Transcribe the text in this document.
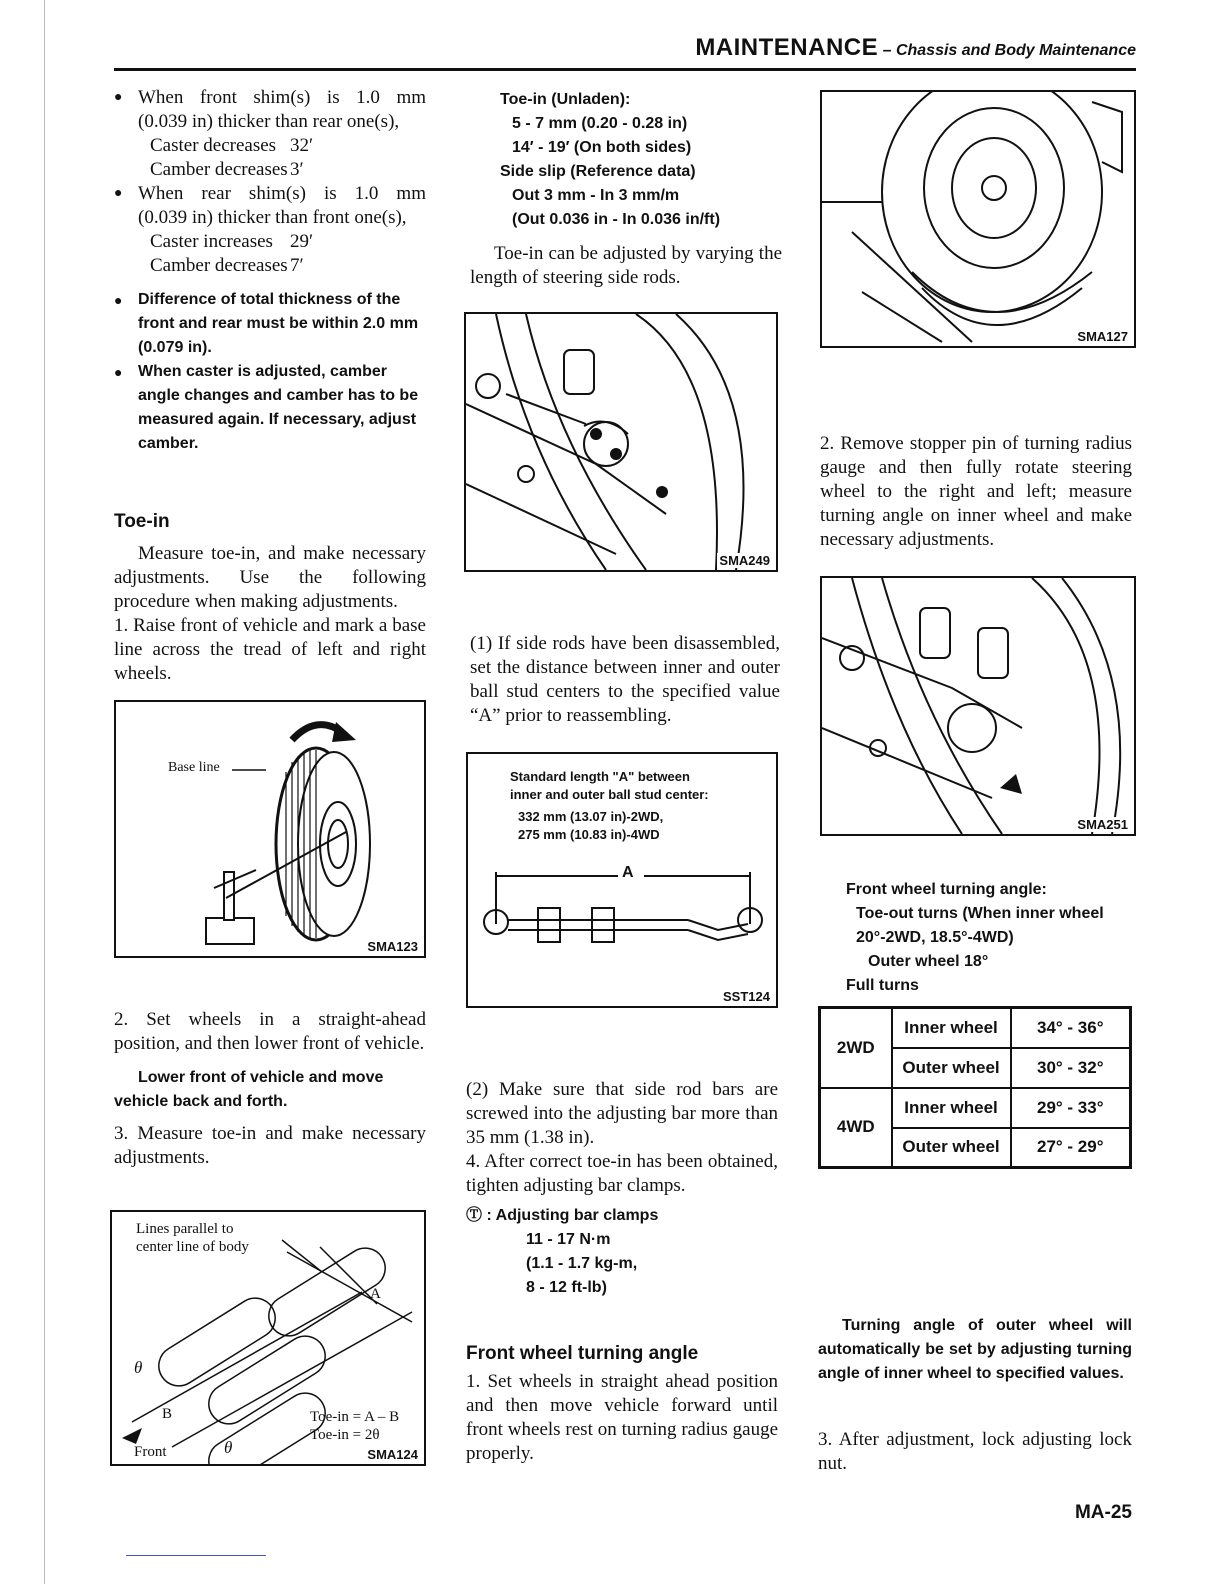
MAINTENANCE – Chassis and Body Maintenance
● When front shim(s) is 1.0 mm
(0.039 in) thicker than rear one(s),
Caster decreases 32′
Camber decreases 3′
● When rear shim(s) is 1.0 mm
(0.039 in) thicker than front one(s),
Caster increases 29′
Camber decreases 7′
● Difference of total thickness of the front and rear must be within 2.0 mm (0.079 in).
● When caster is adjusted, camber angle changes and camber has to be measured again. If necessary, adjust camber.
Toe-in
Measure toe-in, and make necessary adjustments. Use the following procedure when making adjustments.
1. Raise front of vehicle and mark a base line across the tread of left and right wheels.
Base line
SMA123
2. Set wheels in a straight-ahead position, and then lower front of vehicle.
Lower front of vehicle and move vehicle back and forth.
3. Measure toe-in and make necessary adjustments.
Lines parallel to
center line of body
A
B
θ
θ
Front
Toe-in = A – B
Toe-in = 2θ
SMA124
Toe-in (Unladen):
5 - 7 mm (0.20 - 0.28 in)
14′ - 19′ (On both sides)
Side slip (Reference data)
Out 3 mm - In 3 mm/m
(Out 0.036 in - In 0.036 in/ft)
Toe-in can be adjusted by varying the length of steering side rods.
SMA249
(1) If side rods have been disassembled, set the distance between inner and outer ball stud centers to the specified value “A” prior to reassembling.
Standard length "A" between
inner and outer ball stud center:
332 mm (13.07 in)-2WD,
275 mm (10.83 in)-4WD
A
SST124
(2) Make sure that side rod bars are screwed into the adjusting bar more than 35 mm (1.38 in).
4. After correct toe-in has been obtained, tighten adjusting bar clamps.
Ⓣ : Adjusting bar clamps
11 - 17 N·m
(1.1 - 1.7 kg-m,
8 - 12 ft-lb)
Front wheel turning angle
1. Set wheels in straight ahead position and then move vehicle forward until front wheels rest on turning radius gauge properly.
SMA127
2. Remove stopper pin of turning radius gauge and then fully rotate steering wheel to the right and left; measure turning angle on inner wheel and make necessary adjustments.
SMA251
Front wheel turning angle:
Toe-out turns (When inner wheel
20°-2WD, 18.5°-4WD)
Outer wheel 18°
Full turns
2WD	Inner wheel	34° - 36°
	Outer wheel	30° - 32°
4WD	Inner wheel	29° - 33°
	Outer wheel	27° - 29°
Turning angle of outer wheel will automatically be set by adjusting turning angle of inner wheel to specified values.
3. After adjustment, lock adjusting lock nut.
MA-25
